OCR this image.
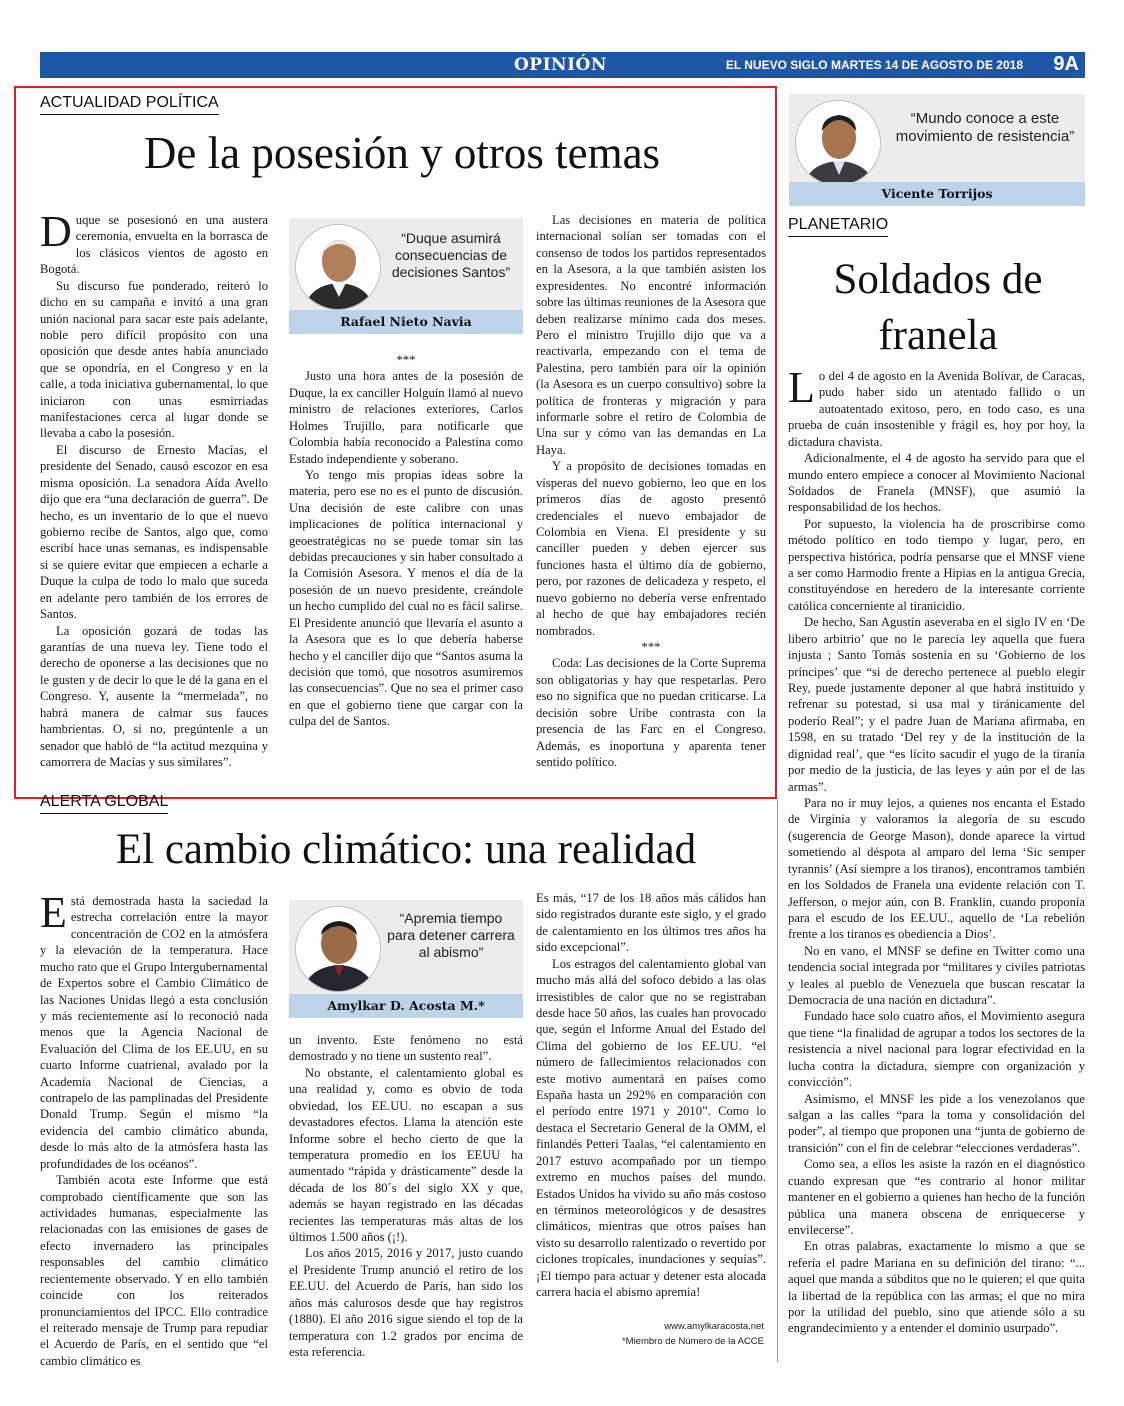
OPINIÓN	EL NUEVO SIGLO MARTES 14 DE AGOSTO DE 2018 9A
ACTUALIDAD POLÍTICA
De la posesión y otros temas

Duque se posesionó en una austera ceremonia, envuelta en la borrasca de los clásicos vientos de agosto en Bogotá.

Su discurso fue ponderado, reiteró lo dicho en su campaña e invitó a una gran unión nacional para sacar este país adelante, noble pero difícil propósito con una oposición que desde antes había anunciado que se opondría, en el Congreso y en la calle, a toda iniciativa gubernamental, lo que iniciaron con unas esmirriadas manifestaciones cerca al lugar donde se llevaba a cabo la posesión.

El discurso de Ernesto Macías, el presidente del Senado, causó escozor en esa misma oposición. La senadora Aída Avello dijo que era “una declaración de guerra”. De hecho, es un inventario de lo que el nuevo gobierno recibe de Santos, algo que, como escribí hace unas semanas, es indispensable si se quiere evitar que empiecen a echarle a Duque la culpa de todo lo malo que suceda en adelante pero también de los errores de Santos.

La oposición gozará de todas las garantías de una nueva ley. Tiene todo el derecho de oponerse a las decisiones que no le gusten y de decir lo que le dé la gana en el Congreso. Y, ausente la “mermelada”, no habrá manera de calmar sus fauces hambrientas. O, si no, pregúntenle a un senador que habló de “la actitud mezquina y camorrera de Macías y sus similares”.

“Duque asumirá consecuencias de decisiones Santos”
Rafael Nieto Navia

***

Justo una hora antes de la posesión de Duque, la ex canciller Holguín llamó al nuevo ministro de relaciones exteriores, Carlos Holmes Trujillo, para notificarle que Colombia había reconocido a Palestina como Estado independiente y soberano.

Yo tengo mis propias ideas sobre la materia, pero ese no es el punto de discusión. Una decisión de este calibre con unas implicaciones de política internacional y geoestratégicas no se puede tomar sin las debidas precauciones y sin haber consultado a la Comisión Asesora. Y menos el día de la posesión de un nuevo presidente, creándole un hecho cumplido del cual no es fácil salirse. El Presidente anunció que llevaría el asunto a la Asesora que es lo que debería haberse hecho y el canciller dijo que “Santos asuma la decisión que tomó, que nosotros asumiremos las consecuencias”. Que no sea el primer caso en que el gobierno tiene que cargar con la culpa del de Santos.

Las decisiones en materia de política internacional solían ser tomadas con el consenso de todos los partidos representados en la Asesora, a la que también asisten los expresidentes. No encontré información sobre las últimas reuniones de la Asesora que deben realizarse mínimo cada dos meses. Pero el ministro Trujillo dijo que va a reactivarla, empezando con el tema de Palestina, pero también para oír la opinión (la Asesora es un cuerpo consultivo) sobre la política de fronteras y migración y para informarle sobre el retiro de Colombia de Una sur y cómo van las demandas en La Haya.

Y a propósito de decisiones tomadas en vísperas del nuevo gobierno, leo que en los primeros días de agosto presentó credenciales el nuevo embajador de Colombia en Viena. El presidente y su canciller pueden y deben ejercer sus funciones hasta el último día de gobierno, pero, por razones de delicadeza y respeto, el nuevo gobierno no debería verse enfrentado al hecho de que hay embajadores recién nombrados.

***

Coda: Las decisiones de la Corte Suprema son obligatorias y hay que respetarlas. Pero eso no significa que no puedan criticarse. La decisión sobre Uribe contrasta con la presencia de las Farc en el Congreso. Además, es inoportuna y aparenta tener sentido político.

“Mundo conoce a este movimiento de resistencia”
Vicente Torrijos
PLANETARIO
Soldados de franela

Lo del 4 de agosto en la Avenida Bolívar, de Caracas, pudo haber sido un atentado fallido o un autoatentado exitoso, pero, en todo caso, es una prueba de cuán insostenible y frágil es, hoy por hoy, la dictadura chavista.

Adicionalmente, el 4 de agosto ha servido para que el mundo entero empiece a conocer al Movimiento Nacional Soldados de Franela (MNSF), que asumió la responsabilidad de los hechos.

Por supuesto, la violencia ha de proscribirse como método político en todo tiempo y lugar, pero, en perspectiva histórica, podría pensarse que el MNSF viene a ser como Harmodio frente a Hipias en la antigua Grecia, constituyéndose en heredero de la interesante corriente católica concerniente al tiranicidio.

De hecho, San Agustín aseveraba en el siglo IV en ‘De libero arbitrio’ que no le parecía ley aquella que fuera injusta ; Santo Tomás sostenía en su ‘Gobierno de los príncipes’ que “si de derecho pertenece al pueblo elegir Rey, puede justamente deponer al que habrá instituido y refrenar su potestad, si usa mal y tiránicamente del poderío Real”; y el padre Juan de Mariana afirmaba, en 1598, en su tratado ‘Del rey y de la institución de la dignidad real’, que “es lícito sacudir el yugo de la tiranía por medio de la justicia, de las leyes y aún por el de las armas”.

Para no ir muy lejos, a quienes nos encanta el Estado de Virginia y valoramos la alegoría de su escudo (sugerencia de George Mason), donde aparece la virtud sometiendo al déspota al amparo del lema ‘Sic semper tyrannis’ (Así siempre a los tiranos), encontramos también en los Soldados de Franela una evidente relación con T. Jefferson, o mejor aún, con B. Franklin, cuando proponía para el escudo de los EE.UU., aquello de ‘La rebelión frente a los tiranos es obediencia a Dios’.

No en vano, el MNSF se define en Twitter como una tendencia social integrada por “militares y civiles patriotas y leales al pueblo de Venezuela que buscan rescatar la Democracia de una nación en dictadura”.

Fundado hace solo cuatro años, el Movimiento asegura que tiene “la finalidad de agrupar a todos los sectores de la resistencia a nivel nacional para lograr efectividad en la lucha contra la dictadura, siempre con organización y convicción”.

Asimismo, el MNSF les pide a los venezolanos que salgan a las calles “para la toma y consolidación del poder”, al tiempo que proponen una “junta de gobierno de transición” con el fin de celebrar “elecciones verdaderas”.

Como sea, a ellos les asiste la razón en el diagnóstico cuando expresan que “es contrario al honor militar mantener en el gobierno a quienes han hecho de la función pública una manera obscena de enriquecerse y envilecerse”.

En otras palabras, exactamente lo mismo a que se refería el padre Mariana en su definición del tirano: “... aquel que manda a súbditos que no le quieren; el que quita la libertad de la república con las armas; el que no mira por la utilidad del pueblo, sino que atiende sólo a su engrandecimiento y a entender el dominio usurpado”.

ALERTA GLOBAL
El cambio climático: una realidad

Está demostrada hasta la saciedad la estrecha correlación entre la mayor concentración de CO2 en la atmósfera y la elevación de la temperatura. Hace mucho rato que el Grupo Intergubernamental de Expertos sobre el Cambio Climático de las Naciones Unidas llegó a esta conclusión y más recientemente así lo reconoció nada menos que la Agencia Nacional de Evaluación del Clima de los EE.UU, en su cuarto Informe cuatrienal, avalado por la Academia Nacional de Ciencias, a contrapelo de las pamplinadas del Presidente Donald Trump. Según el mismo “la evidencia del cambio climático abunda, desde lo más alto de la atmósfera hasta las profundidades de los océanos”.

También acota este Informe que está comprobado científicamente que son las actividades humanas, especialmente las relacionadas con las emisiones de gases de efecto invernadero las principales responsables del cambio climático recientemente observado. Y en ello también coincide con los reiterados pronunciamientos del IPCC. Ello contradice el reiterado mensaje de Trump para repudiar el Acuerdo de París, en el sentido que “el cambio climático es

“Apremia tiempo para detener carrera al abismo”
Amylkar D. Acosta M.*

un invento. Este fenómeno no está demostrado y no tiene un sustento real”.

No obstante, el calentamiento global es una realidad y, como es obvio de toda obviedad, los EE.UU. no escapan a sus devastadores efectos. Llama la atención este Informe sobre el hecho cierto de que la temperatura promedio en los EEUU ha aumentado “rápida y drásticamente” desde la década de los 80´s del siglo XX y que, además se hayan registrado en las décadas recientes las temperaturas más altas de los últimos 1.500 años (¡!).

Los años 2015, 2016 y 2017, justo cuando el Presidente Trump anunció el retiro de los EE.UU. del Acuerdo de París, han sido los años más calurosos desde que hay registros (1880). El año 2016 sigue siendo el top de la temperatura con 1.2 grados por encima de esta referencia.

Es más, “17 de los 18 años más cálidos han sido registrados durante este siglo, y el grado de calentamiento en los últimos tres años ha sido excepcional”.

Los estragos del calentamiento global van mucho más allá del sofoco debido a las olas irresistibles de calor que no se registraban desde hace 50 años, las cuales han provocado que, según el Informe Anual del Estado del Clima del gobierno de los EE.UU. “el número de fallecimientos relacionados con este motivo aumentará en países como España hasta un 292% en comparación con el período entre 1971 y 2010”. Como lo destaca el Secretario General de la OMM, el finlandés Petteri Taalas, “el calentamiento en 2017 estuvo acompañado por un tiempo extremo en muchos países del mundo. Estados Unidos ha vivido su año más costoso en términos meteorológicos y de desastres climáticos, mientras que otros países han visto su desarrollo ralentizado o revertido por ciclones tropicales, inundaciones y sequías”. ¡El tiempo para actuar y detener esta alocada carrera hacia el abismo apremia!

www.amylkaracosta.net
*Miembro de Número de la ACCE
